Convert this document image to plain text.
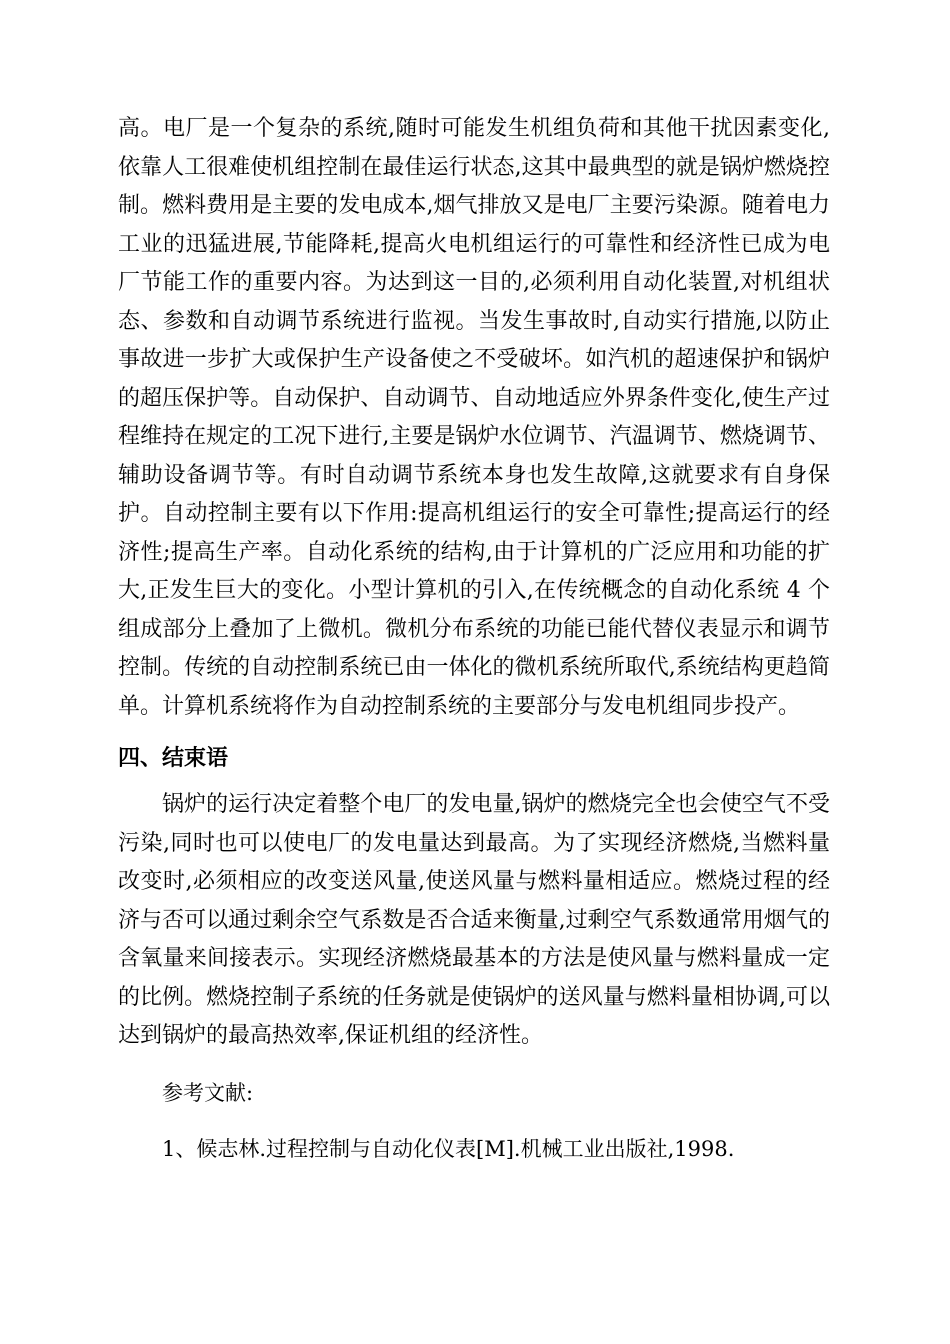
高。电厂是一个复杂的系统,随时可能发生机组负荷和其他干扰因素变化,依靠人工很难使机组控制在最佳运行状态,这其中最典型的就是锅炉燃烧控制。燃料费用是主要的发电成本,烟气排放又是电厂主要污染源。随着电力工业的迅猛进展,节能降耗,提高火电机组运行的可靠性和经济性已成为电厂节能工作的重要内容。为达到这一目的,必须利用自动化装置,对机组状态、参数和自动调节系统进行监视。当发生事故时,自动实行措施,以防止事故进一步扩大或保护生产设备使之不受破坏。如汽机的超速保护和锅炉的超压保护等。自动保护、自动调节、自动地适应外界条件变化,使生产过程维持在规定的工况下进行,主要是锅炉水位调节、汽温调节、燃烧调节、辅助设备调节等。有时自动调节系统本身也发生故障,这就要求有自身保护。自动控制主要有以下作用:提高机组运行的安全可靠性;提高运行的经济性;提高生产率。自动化系统的结构,由于计算机的广泛应用和功能的扩大,正发生巨大的变化。小型计算机的引入,在传统概念的自动化系统 4 个组成部分上叠加了上微机。微机分布系统的功能已能代替仪表显示和调节控制。传统的自动控制系统已由一体化的微机系统所取代,系统结构更趋简单。计算机系统将作为自动控制系统的主要部分与发电机组同步投产。

四、结束语

锅炉的运行决定着整个电厂的发电量,锅炉的燃烧完全也会使空气不受污染,同时也可以使电厂的发电量达到最高。为了实现经济燃烧,当燃料量改变时,必须相应的改变送风量,使送风量与燃料量相适应。燃烧过程的经济与否可以通过剩余空气系数是否合适来衡量,过剩空气系数通常用烟气的含氧量来间接表示。实现经济燃烧最基本的方法是使风量与燃料量成一定的比例。燃烧控制子系统的任务就是使锅炉的送风量与燃料量相协调,可以达到锅炉的最高热效率,保证机组的经济性。

参考文献:

1、候志林.过程控制与自动化仪表[M].机械工业出版社,1998.
